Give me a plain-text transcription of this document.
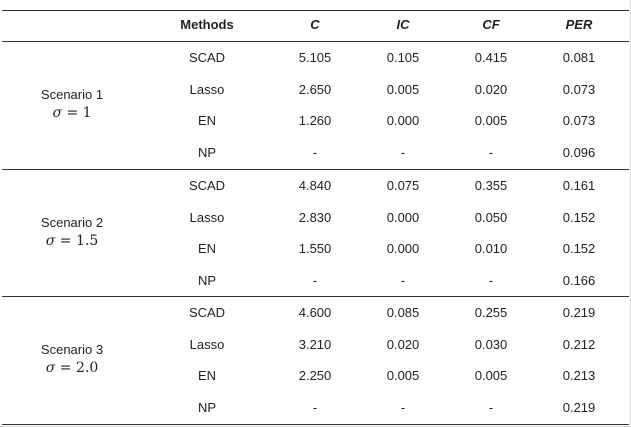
Methods	C	IC	CF	PER
Scenario 1
σ = 1
SCAD	5.105	0.105	0.415	0.081
Lasso	2.650	0.005	0.020	0.073
EN	1.260	0.000	0.005	0.073
NP	-	-	-	0.096
Scenario 2
σ = 1.5
SCAD	4.840	0.075	0.355	0.161
Lasso	2.830	0.000	0.050	0.152
EN	1.550	0.000	0.010	0.152
NP	-	-	-	0.166
Scenario 3
σ = 2.0
SCAD	4.600	0.085	0.255	0.219
Lasso	3.210	0.020	0.030	0.212
EN	2.250	0.005	0.005	0.213
NP	-	-	-	0.219
